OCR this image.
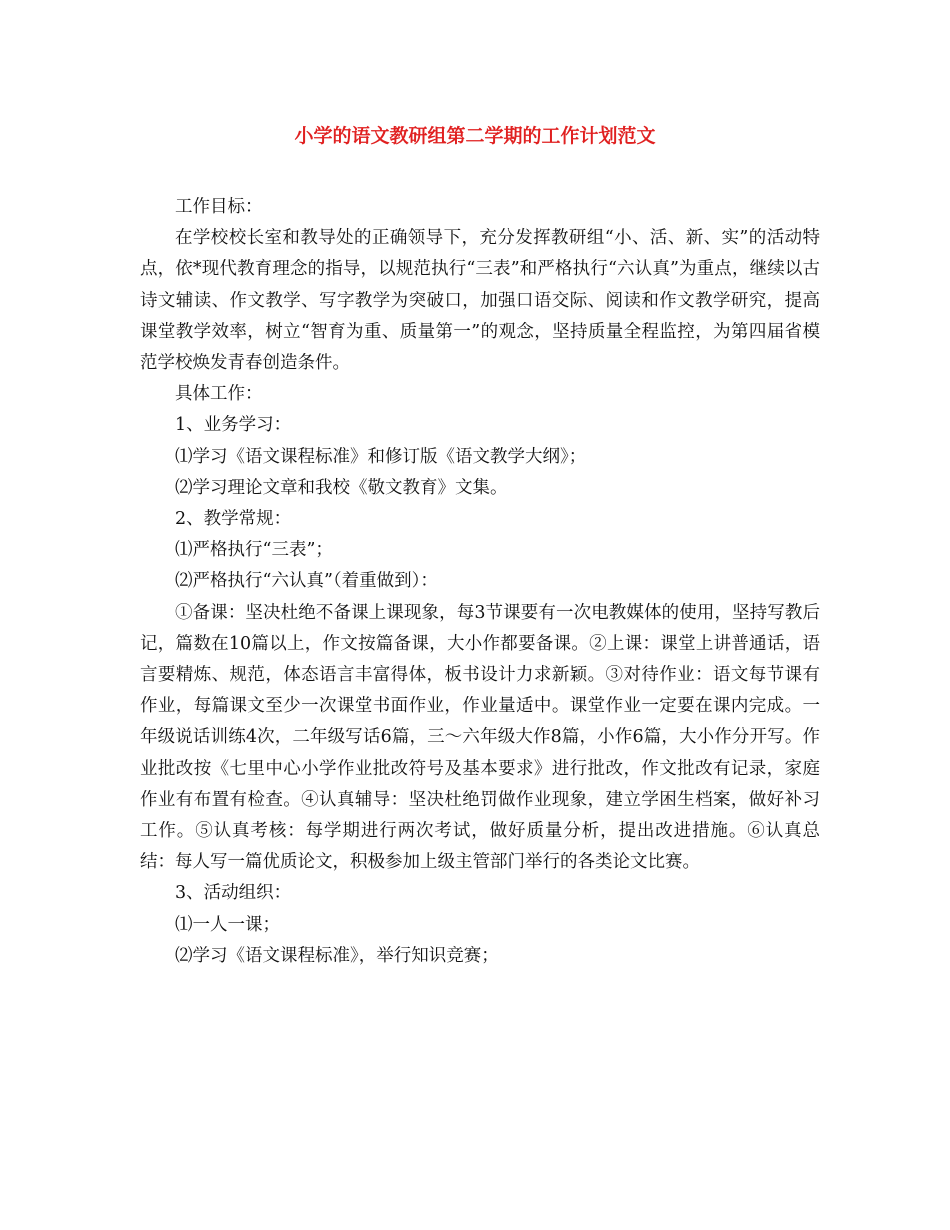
小学的语文教研组第二学期的工作计划范文

工作目标：

在学校校长室和教导处的正确领导下，充分发挥教研组“小、活、新、实”的活动特点，依*现代教育理念的指导，以规范执行“三表”和严格执行“六认真”为重点，继续以古诗文辅读、作文教学、写字教学为突破口，加强口语交际、阅读和作文教学研究，提高课堂教学效率，树立“智育为重、质量第一”的观念，坚持质量全程监控，为第四届省模范学校焕发青春创造条件。

具体工作：

1、业务学习：

⑴学习《语文课程标准》和修订版《语文教学大纲》；

⑵学习理论文章和我校《敬文教育》文集。

2、教学常规：

⑴严格执行“三表”；

⑵严格执行“六认真”（着重做到）：

①备课：坚决杜绝不备课上课现象，每3节课要有一次电教媒体的使用，坚持写教后记，篇数在10篇以上，作文按篇备课，大小作都要备课。②上课：课堂上讲普通话，语言要精炼、规范，体态语言丰富得体，板书设计力求新颖。③对待作业：语文每节课有作业，每篇课文至少一次课堂书面作业，作业量适中。课堂作业一定要在课内完成。一年级说话训练4次，二年级写话6篇，三～六年级大作8篇，小作6篇，大小作分开写。作业批改按《七里中心小学作业批改符号及基本要求》进行批改，作文批改有记录，家庭作业有布置有检查。④认真辅导：坚决杜绝罚做作业现象，建立学困生档案，做好补习工作。⑤认真考核：每学期进行两次考试，做好质量分析，提出改进措施。⑥认真总结：每人写一篇优质论文，积极参加上级主管部门举行的各类论文比赛。

3、活动组织：

⑴一人一课；

⑵学习《语文课程标准》，举行知识竞赛；
